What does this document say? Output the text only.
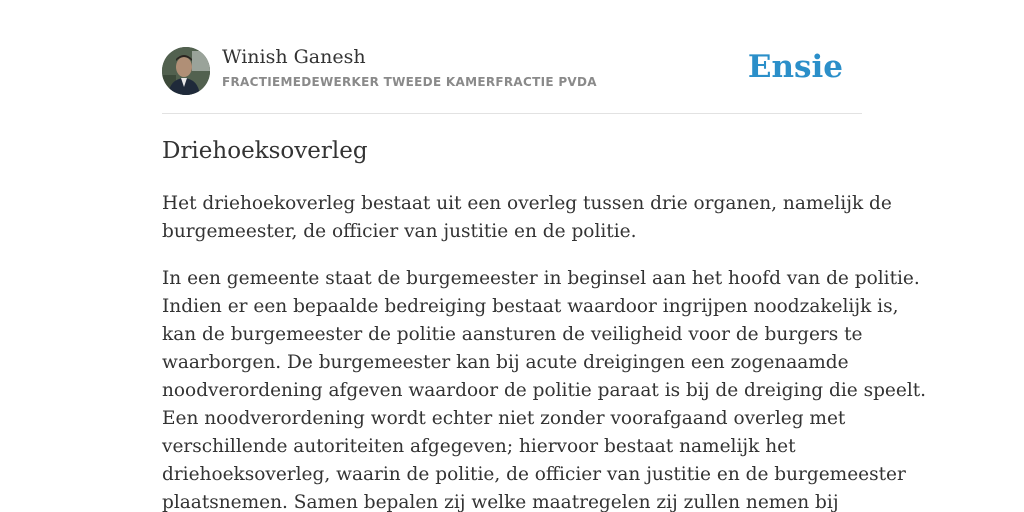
Winish Ganesh
FRACTIEMEDEWERKER TWEEDE KAMERFRACTIE PVDA	Ensie
Driehoeksoverleg

Het driehoekoverleg bestaat uit een overleg tussen drie organen, namelijk de
burgemeester, de officier van justitie en de politie.

In een gemeente staat de burgemeester in beginsel aan het hoofd van de politie.
Indien er een bepaalde bedreiging bestaat waardoor ingrijpen noodzakelijk is,
kan de burgemeester de politie aansturen de veiligheid voor de burgers te
waarborgen. De burgemeester kan bij acute dreigingen een zogenaamde
noodverordening afgeven waardoor de politie paraat is bij de dreiging die speelt.
Een noodverordening wordt echter niet zonder voorafgaand overleg met
verschillende autoriteiten afgegeven; hiervoor bestaat namelijk het
driehoeksoverleg, waarin de politie, de officier van justitie en de burgemeester
plaatsnemen. Samen bepalen zij welke maatregelen zij zullen nemen bij
